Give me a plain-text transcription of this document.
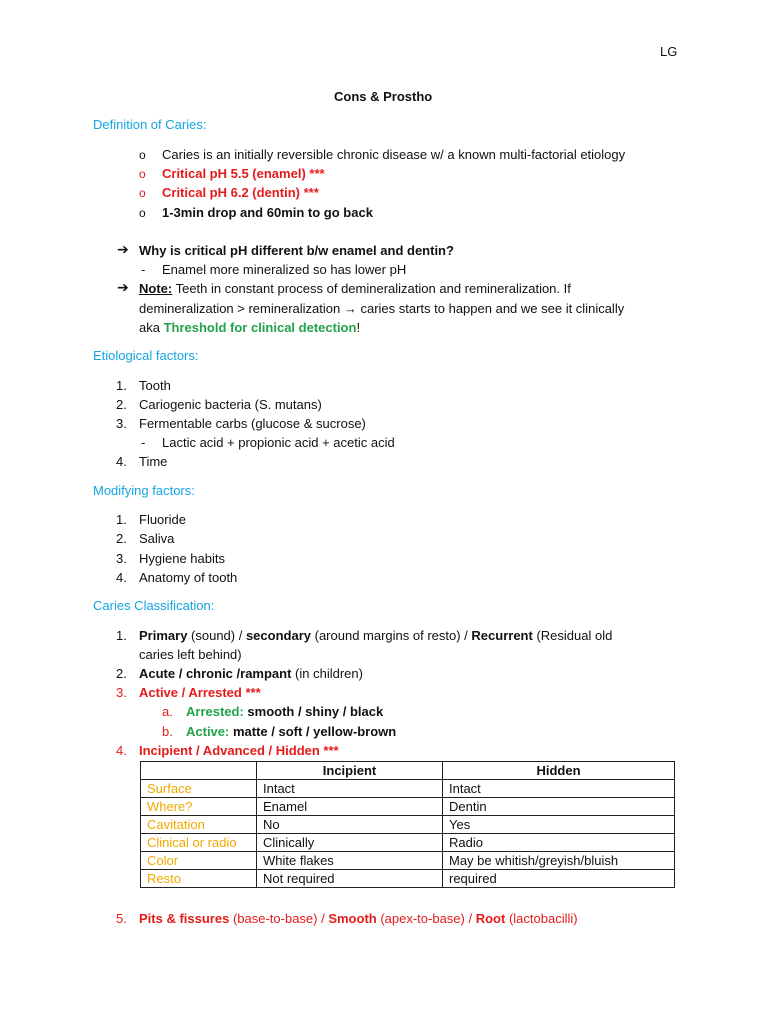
LG
Cons & Prostho
Definition of Caries:
o Caries is an initially reversible chronic disease w/ a known multi-factorial etiology
o Critical pH 5.5 (enamel) ***
o Critical pH 6.2 (dentin) ***
o 1-3min drop and 60min to go back
➔ Why is critical pH different b/w enamel and dentin?
- Enamel more mineralized so has lower pH
➔ Note: Teeth in constant process of demineralization and remineralization. If
demineralization > remineralization → caries starts to happen and we see it clinically
aka Threshold for clinical detection!
Etiological factors:
1. Tooth
2. Cariogenic bacteria (S. mutans)
3. Fermentable carbs (glucose & sucrose)
- Lactic acid + propionic acid + acetic acid
4. Time
Modifying factors:
1. Fluoride
2. Saliva
3. Hygiene habits
4. Anatomy of tooth
Caries Classification:
1. Primary (sound) / secondary (around margins of resto) / Recurrent (Residual old
caries left behind)
2. Acute / chronic /rampant (in children)
3. Active / Arrested ***
a. Arrested: smooth / shiny / black
b. Active: matte / soft / yellow-brown
4. Incipient / Advanced / Hidden ***
	Incipient	Hidden
Surface	Intact	Intact
Where?	Enamel	Dentin
Cavitation	No	Yes
Clinical or radio	Clinically	Radio
Color	White flakes	May be whitish/greyish/bluish
Resto	Not required	required
5. Pits & fissures (base-to-base) / Smooth (apex-to-base) / Root (lactobacilli)
